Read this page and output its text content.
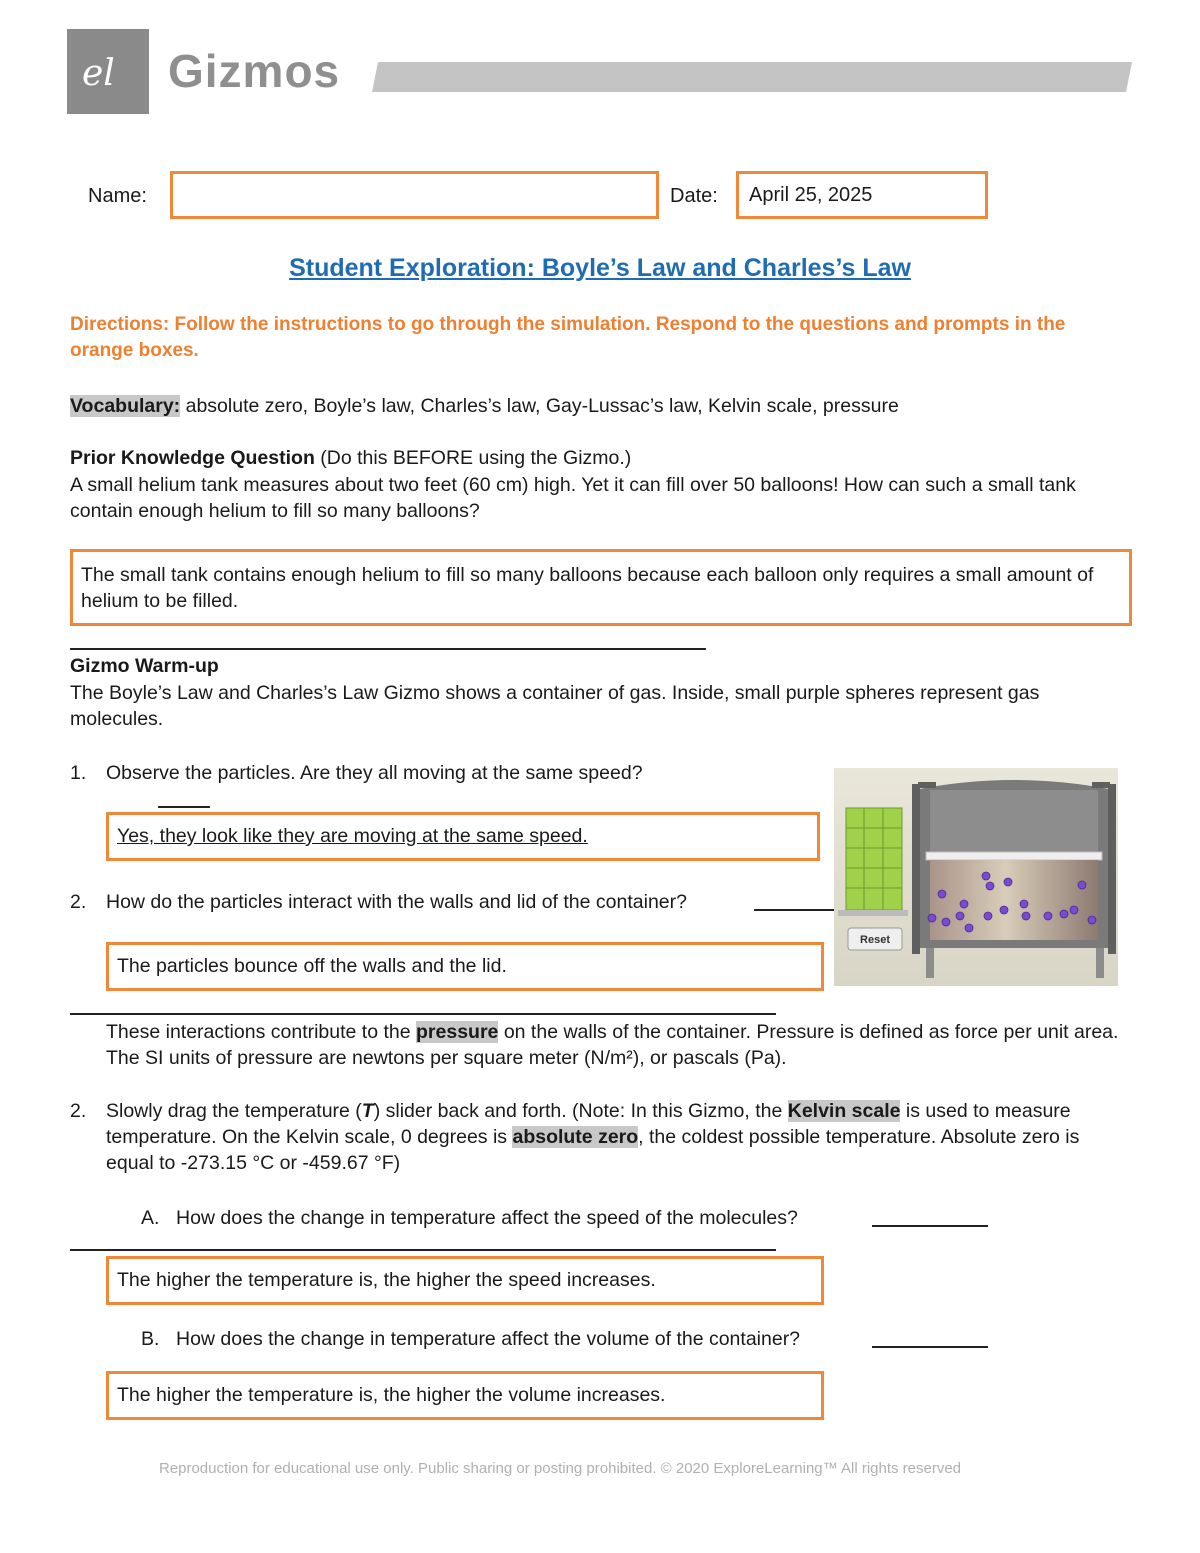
el Gizmos
Name:	Date:	April 25, 2025
Student Exploration: Boyle’s Law and Charles’s Law
Directions: Follow the instructions to go through the simulation. Respond to the questions and prompts in the orange boxes.
Vocabulary: absolute zero, Boyle’s law, Charles’s law, Gay-Lussac’s law, Kelvin scale, pressure
Prior Knowledge Question (Do this BEFORE using the Gizmo.)
A small helium tank measures about two feet (60 cm) high. Yet it can fill over 50 balloons! How can such a small tank contain enough helium to fill so many balloons?
The small tank contains enough helium to fill so many balloons because each balloon only requires a small amount of helium to be filled.
Gizmo Warm-up
The Boyle’s Law and Charles’s Law Gizmo shows a container of gas. Inside, small purple spheres represent gas molecules.
1. Observe the particles. Are they all moving at the same speed?
Yes, they look like they are moving at the same speed.
2. How do the particles interact with the walls and lid of the container?
The particles bounce off the walls and the lid.
These interactions contribute to the pressure on the walls of the container. Pressure is defined as force per unit area. The SI units of pressure are newtons per square meter (N/m²), or pascals (Pa).
2. Slowly drag the temperature (T) slider back and forth. (Note: In this Gizmo, the Kelvin scale is used to measure temperature. On the Kelvin scale, 0 degrees is absolute zero, the coldest possible temperature. Absolute zero is equal to -273.15 °C or -459.67 °F)
A. How does the change in temperature affect the speed of the molecules?
The higher the temperature is, the higher the speed increases.
B. How does the change in temperature affect the volume of the container?
The higher the temperature is, the higher the volume increases.
Reset
Reproduction for educational use only. Public sharing or posting prohibited. © 2020 ExploreLearning™ All rights reserved
